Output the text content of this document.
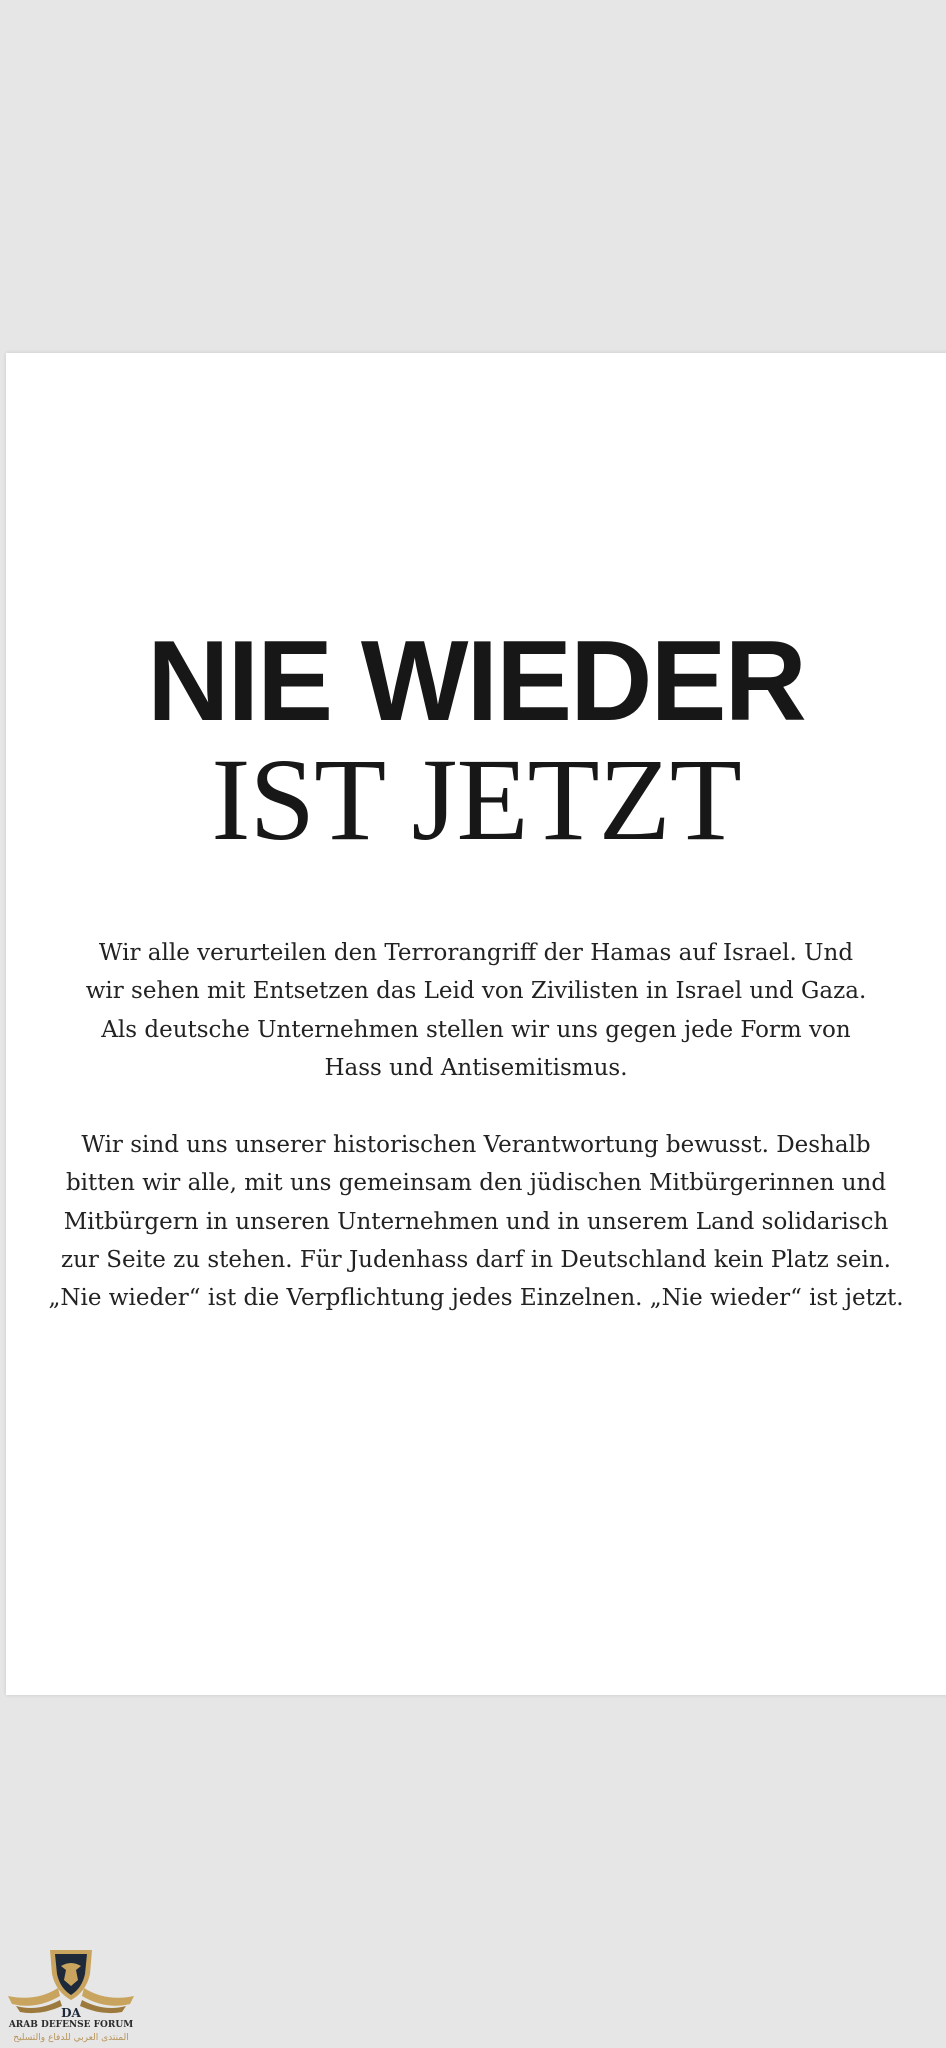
NIE WIEDER
IST JETZT
Wir alle verurteilen den Terrorangriff der Hamas auf Israel. Und
wir sehen mit Entsetzen das Leid von Zivilisten in Israel und Gaza.
Als deutsche Unternehmen stellen wir uns gegen jede Form von
Hass und Antisemitismus.
Wir sind uns unserer historischen Verantwortung bewusst. Deshalb
bitten wir alle, mit uns gemeinsam den jüdischen Mitbürgerinnen und
Mitbürgern in unseren Unternehmen und in unserem Land solidarisch
zur Seite zu stehen. Für Judenhass darf in Deutschland kein Platz sein.
„Nie wieder“ ist die Verpflichtung jedes Einzelnen. „Nie wieder“ ist jetzt.
DA
ARAB DEFENSE FORUM
المنتدى العربي للدفاع والتسليح
